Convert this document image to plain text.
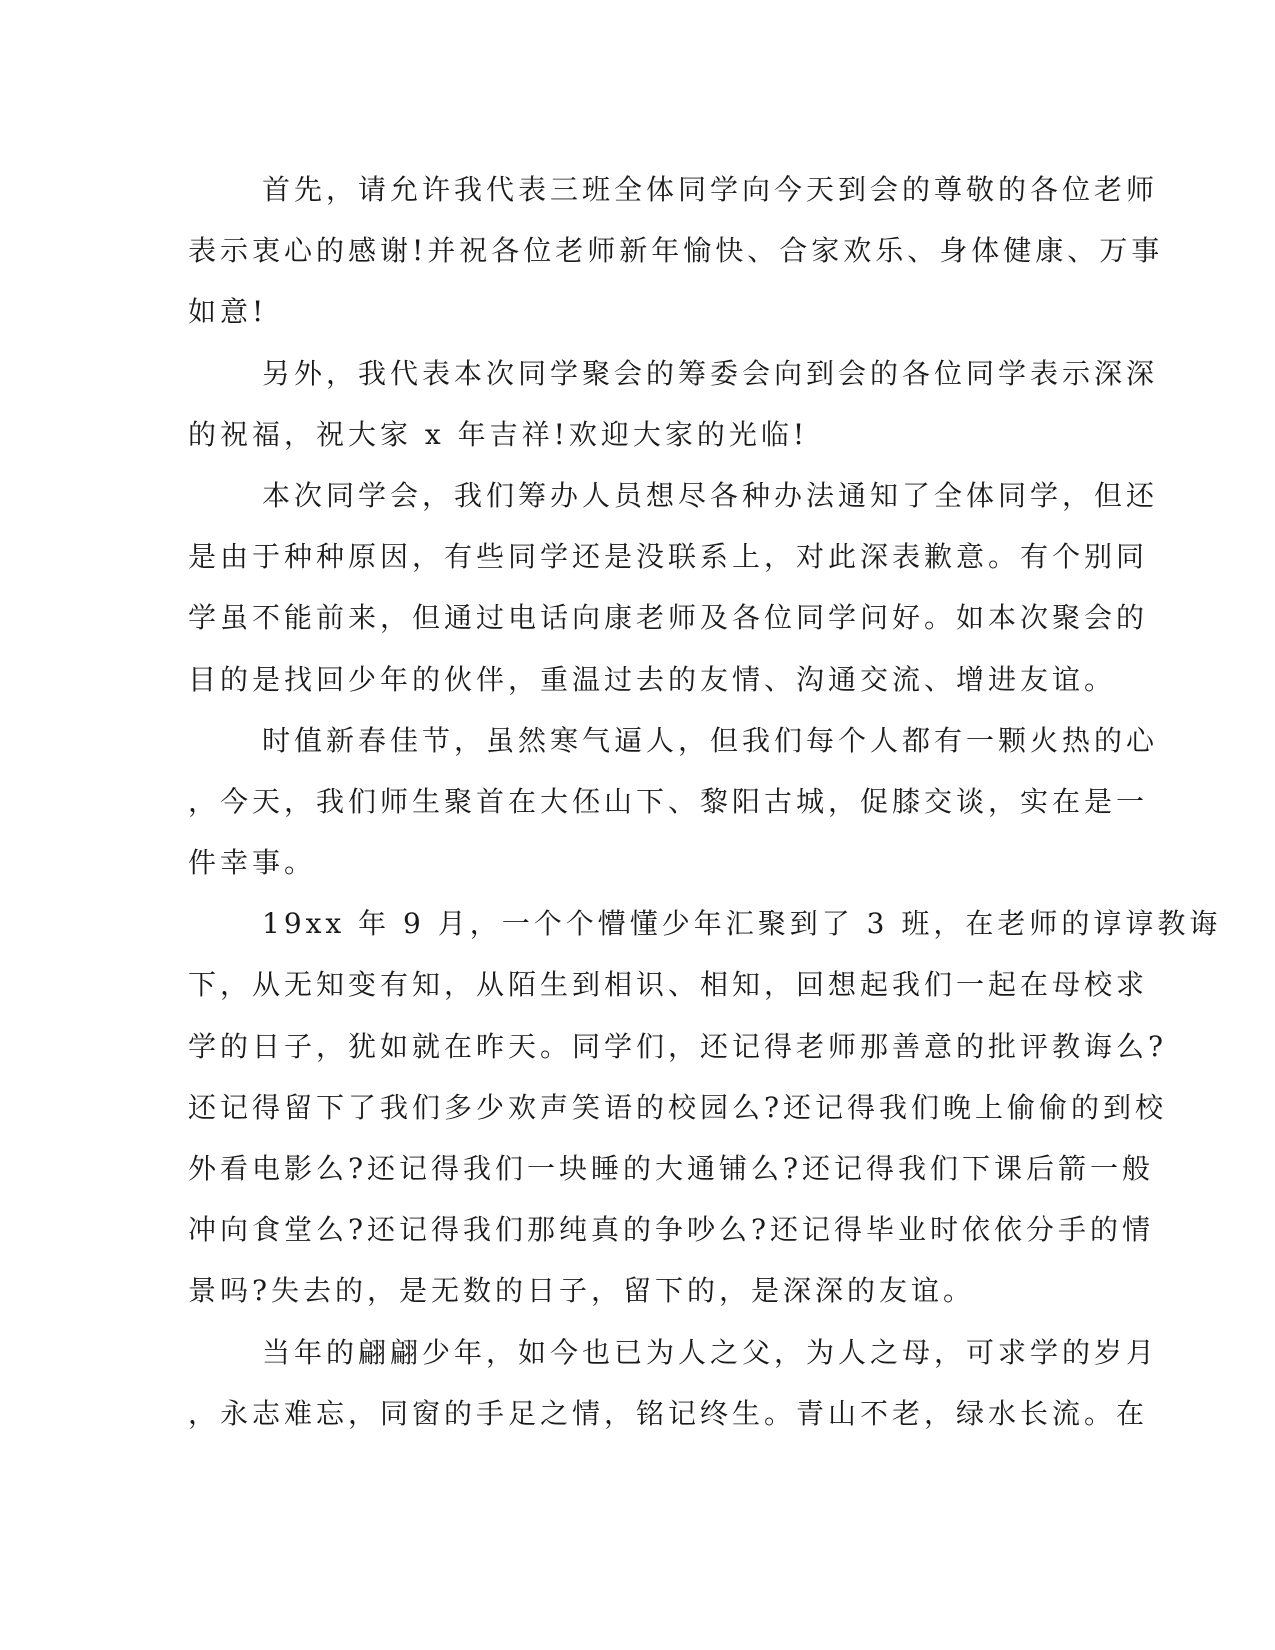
首先，请允许我代表三班全体同学向今天到会的尊敬的各位老师
表示衷心的感谢!并祝各位老师新年愉快、合家欢乐、身体健康、万事
如意!
另外，我代表本次同学聚会的筹委会向到会的各位同学表示深深
的祝福，祝大家 x 年吉祥!欢迎大家的光临!
本次同学会，我们筹办人员想尽各种办法通知了全体同学，但还
是由于种种原因，有些同学还是没联系上，对此深表歉意。有个别同
学虽不能前来，但通过电话向康老师及各位同学问好。如本次聚会的
目的是找回少年的伙伴，重温过去的友情、沟通交流、增进友谊。
时值新春佳节，虽然寒气逼人，但我们每个人都有一颗火热的心
，今天，我们师生聚首在大伾山下、黎阳古城，促膝交谈，实在是一
件幸事。
19xx 年 9 月，一个个懵懂少年汇聚到了 3 班，在老师的谆谆教诲
下，从无知变有知，从陌生到相识、相知，回想起我们一起在母校求
学的日子，犹如就在昨天。同学们，还记得老师那善意的批评教诲么?
还记得留下了我们多少欢声笑语的校园么?还记得我们晚上偷偷的到校
外看电影么?还记得我们一块睡的大通铺么?还记得我们下课后箭一般
冲向食堂么?还记得我们那纯真的争吵么?还记得毕业时依依分手的情
景吗?失去的，是无数的日子，留下的，是深深的友谊。
当年的翩翩少年，如今也已为人之父，为人之母，可求学的岁月
，永志难忘，同窗的手足之情，铭记终生。青山不老，绿水长流。在
